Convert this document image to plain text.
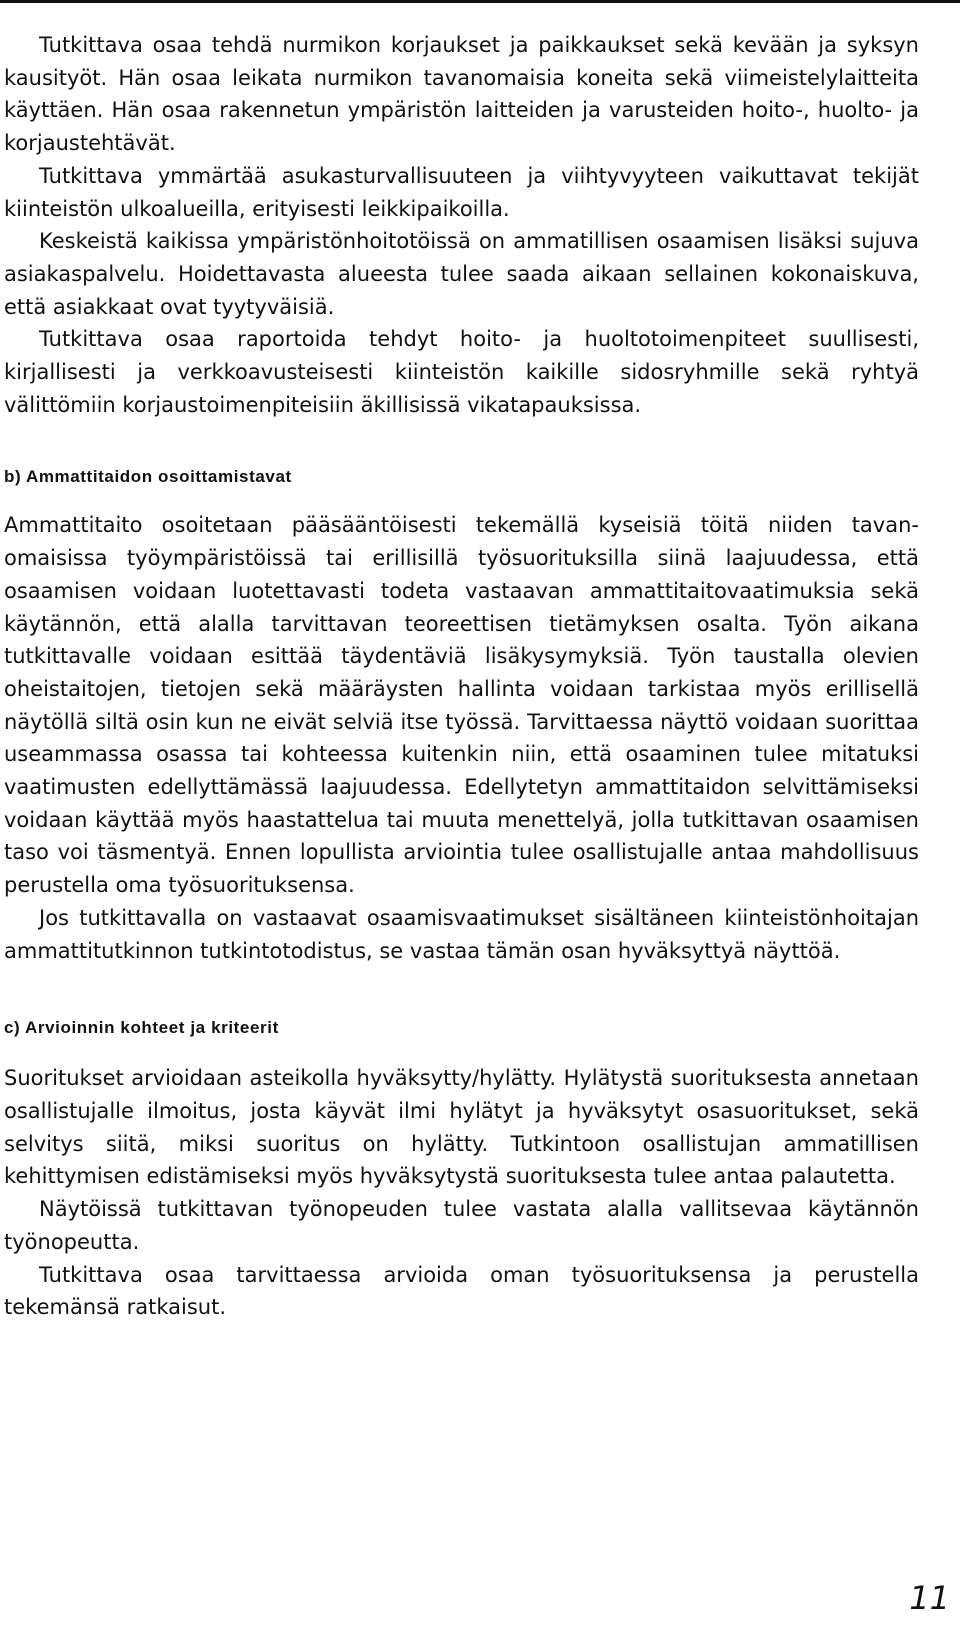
Tutkittava osaa tehdä nurmikon korjaukset ja paikkaukset sekä kevään ja syksyn kausityöt. Hän osaa leikata nurmikon tavanomaisia koneita sekä viimeistelylaitteita käyttäen. Hän osaa rakennetun ympäristön laitteiden ja varusteiden hoito-, huolto- ja korjaustehtävät.

Tutkittava ymmärtää asukasturvallisuuteen ja viihtyvyyteen vaikuttavat tekijät kiinteistön ulkoalueilla, erityisesti leikkipaikoilla.

Keskeistä kaikissa ympäristönhoitotöissä on ammatillisen osaamisen lisäksi sujuva asiakaspalvelu. Hoidettavasta alueesta tulee saada aikaan sellainen kokonaiskuva, että asiakkaat ovat tyytyväisiä.

Tutkittava osaa raportoida tehdyt hoito- ja huoltotoimenpiteet suullisesti, kirjallisesti ja verkkoavusteisesti kiinteistön kaikille sidosryhmille sekä ryhtyä välittömiin korjaustoimenpiteisiin äkillisissä vikatapauksissa.

b) Ammattitaidon osoittamistavat

Ammattitaito osoitetaan pääsääntöisesti tekemällä kyseisiä töitä niiden tavanomaisissa työympäristöissä tai erillisillä työsuorituksilla siinä laajuudessa, että osaamisen voidaan luotettavasti todeta vastaavan ammattitaitovaatimuksia sekä käytännön, että alalla tarvittavan teoreettisen tietämyksen osalta. Työn aikana tutkittavalle voidaan esittää täydentäviä lisäkysymyksiä. Työn taustalla olevien oheistaitojen, tietojen sekä määräysten hallinta voidaan tarkistaa myös erillisellä näytöllä siltä osin kun ne eivät selviä itse työssä. Tarvittaessa näyttö voidaan suorittaa useammassa osassa tai kohteessa kuitenkin niin, että osaaminen tulee mitatuksi vaatimusten edellyttämässä laajuudessa. Edellytetyn ammattitaidon selvittämiseksi voidaan käyttää myös haastattelua tai muuta menettelyä, jolla tutkittavan osaamisen taso voi täsmentyä. Ennen lopullista arviointia tulee osallistujalle antaa mahdollisuus perustella oma työsuorituksensa.

Jos tutkittavalla on vastaavat osaamisvaatimukset sisältäneen kiinteistönhoitajan ammattitutkinnon tutkintotodistus, se vastaa tämän osan hyväksyttyä näyttöä.

c) Arvioinnin kohteet ja kriteerit

Suoritukset arvioidaan asteikolla hyväksytty/hylätty. Hylätystä suorituksesta annetaan osallistujalle ilmoitus, josta käyvät ilmi hylätyt ja hyväksytyt osasuoritukset, sekä selvitys siitä, miksi suoritus on hylätty. Tutkintoon osallistujan ammatillisen kehittymisen edistämiseksi myös hyväksytystä suorituksesta tulee antaa palautetta.

Näytöissä tutkittavan työnopeuden tulee vastata alalla vallitsevaa käytännön työnopeutta.

Tutkittava osaa tarvittaessa arvioida oman työsuorituksensa ja perustella tekemänsä ratkaisut.

11
